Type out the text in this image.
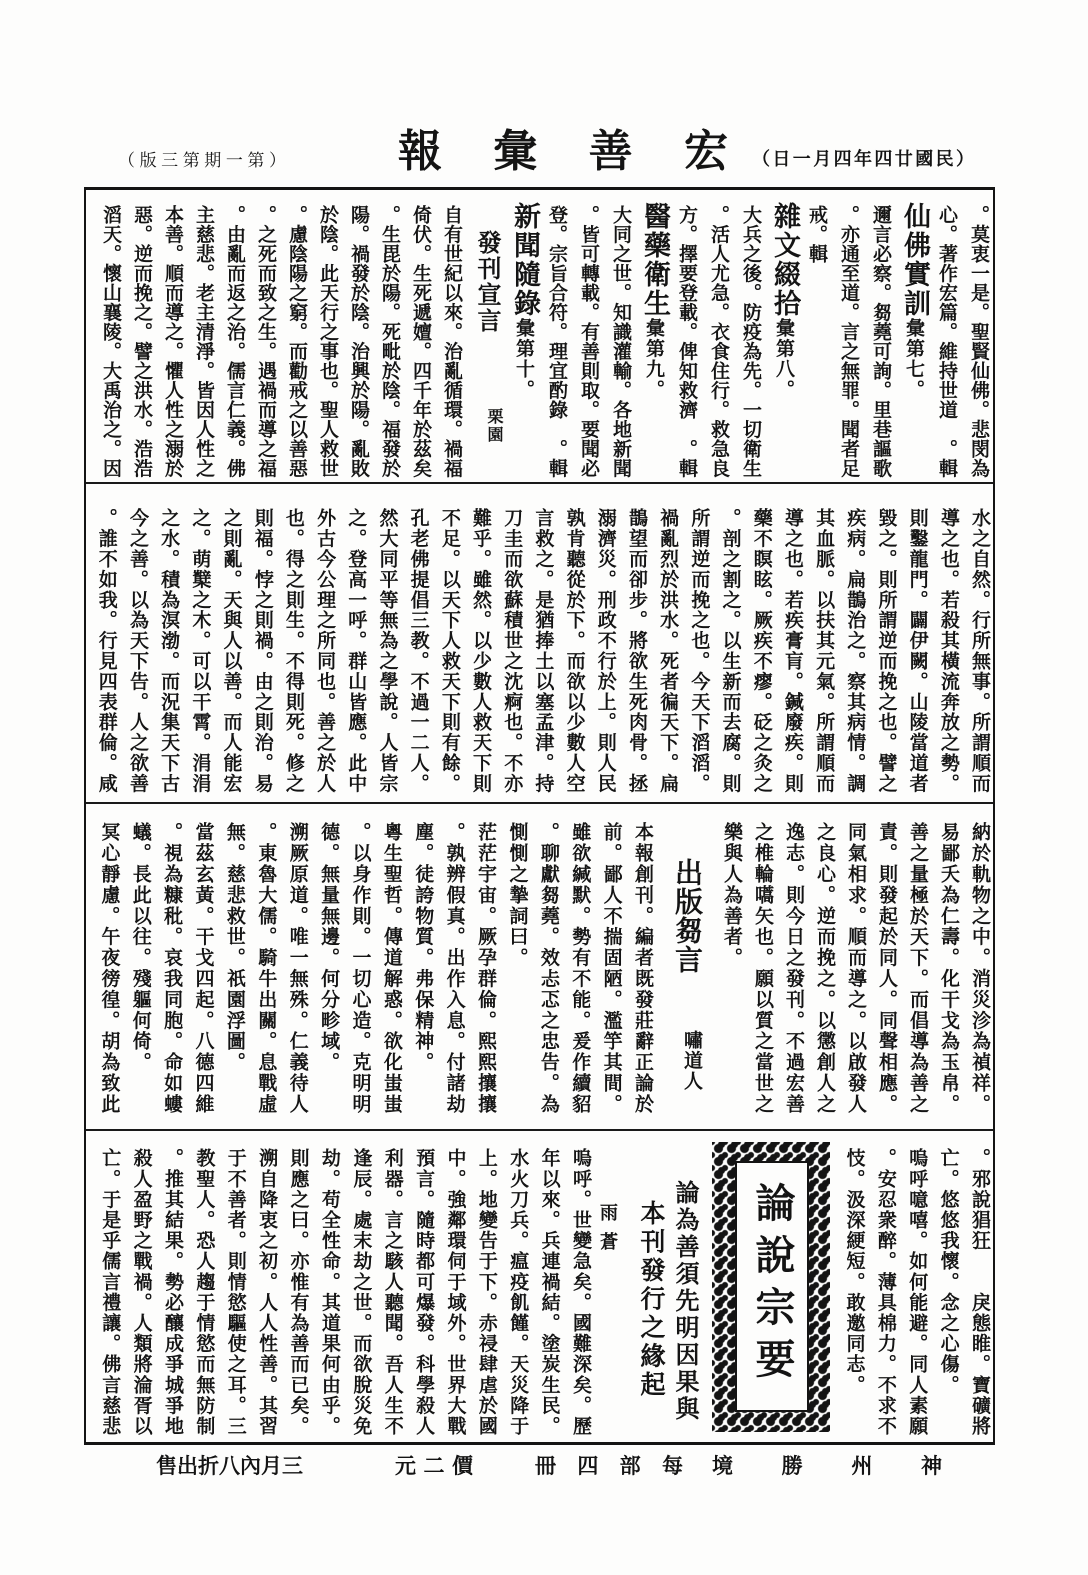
（第一期第三版）	宏善彙報 （民國廿四年四月一日）
。莫衷一是。聖賢仙佛。悲閔為
心。著作宏篇。維持世道　。輯
仙佛實訓彙第七。
邇言必察。芻蕘可詢。里巷謳歌
。亦通至道。言之無罪。聞者足
戒。輯
雜文綴拾彙第八。
大兵之後。防疫為先。一切衛生
。活人尤急。衣食住行。救急良
方。擇要登載。俾知救濟　。輯
醫藥衛生彙第九。
大同之世。知識灌輸。各地新聞
。皆可轉載。有善則取。要聞必
登。宗旨合符。理宜酌錄　。輯
新聞隨錄彙第十。
發刊宣言
栗園
自有世紀以來。治亂循環。禍福
倚伏。生死遞嬗。四千年於茲矣
。生毘於陽。死毗於陰。福發於
陽。禍發於陰。治興於陽。亂敗
於陰。此天行之事也。聖人救世
。慮陰陽之窮。而勸戒之以善惡
。之死而致之生。遇禍而導之福
。由亂而返之治。儒言仁義。佛
主慈悲。老主清淨。皆因人性之
本善。順而導之。懼人性之溺於
惡。逆而挽之。譬之洪水。浩浩
滔天。懷山襄陵。大禹治之。因
水之自然。行所無事。所謂順而
導之也。若殺其橫流奔放之勢。
則鑿龍門。闢伊闕。山陵當道者
毀之。則所謂逆而挽之也。譬之
疾病。扁鵲治之。察其病情。調
其血脈。以扶其元氣。所謂順而
導之也。若疾膏肓。鍼廢疾。則
藥不瞑眩。厥疾不瘳。砭之灸之
。剖之割之。以生新而去腐。則
所謂逆而挽之也。今天下滔滔。
禍亂烈於洪水。死者徧天下。扁
鵲望而卻步。將欲生死肉骨。拯
溺濟災。刑政不行於上。則人民
孰肯聽從於下。而欲以少數人空
言救之。是猶捧土以塞孟津。持
刀圭而欲蘇積世之沈痾也。不亦
難乎。雖然。以少數人救天下則
不足。以天下人救天下則有餘。
孔老佛提倡三教。不過一二人。
然大同平等無為之學說。人皆宗
之。登高一呼。群山皆應。此中
外古今公理之所同也。善之於人
也。得之則生。不得則死。修之
則福。悖之則禍。由之則治。易
之則亂。天與人以善。而人能宏
之。萌櫱之木。可以干霄。涓涓
之水。積為溟渤。而況集天下古
今之善。以為天下告。人之欲善
。誰不如我。行見四表群倫。咸
納於軌物之中。消災沴為禎祥。
易鄙夭為仁壽。化干戈為玉帛。
善之量極於天下。而倡導為善之
責。則發起於同人。同聲相應。
同氣相求。順而導之。以啟發人
之良心。逆而挽之。以懲創人之
逸志。則今日之發刊。不過宏善
之椎輪嚆矢也。願以質之當世之
樂與人為善者。
出版芻言
嘯道人
本報創刊。編者既發莊辭正論於
前。鄙人不揣固陋。濫竽其間。
雖欲緘默。勢有不能。爰作續貂
。聊獻芻蕘。效忐忑之忠告。為
惻惻之摯詞曰。
茫茫宇宙。厥孕群倫。熙熙攘攘
。孰辨假真。出作入息。付諸劫
塵。徒誇物質。弗保精神。
粵生聖哲。傳道解惑。欲化蚩蚩
。以身作則。一切心造。克明明
德。無量無邊。何分畛域。
溯厥原道。唯一無殊。仁義待人
。東魯大儒。騎牛出關。息戰虛
無。慈悲救世。祇園浮圖。
當茲玄黃。干戈四起。八德四維
。視為糠秕。哀我同胞。命如螻
蟻。長此以往。殘軀何倚。
冥心靜慮。午夜徬徨。胡為致此
。邪說猖狂　　戾態睢。寶礦將
亡。悠悠我懷。念之心傷。
嗚呼噫嘻。如何能避。同人素願
。安忍衆醉。薄具棉力。不求不
忮。汲深綆短。敢邀同志。
論說宗要
論為善須先明因果與
本刊發行之緣起
雨蒼
嗚呼。世變急矣。國難深矣。歷
年以來。兵連禍結。塗炭生民。
水火刀兵。瘟疫飢饉。天災降于
上。地變告于下。赤祲肆虐於國
中。強鄰環伺于域外。世界大戰
預言。隨時都可爆發。科學殺人
利器。言之駭人聽聞。吾人生不
逢辰。處末劫之世。而欲脫災免
劫。苟全性命。其道果何由乎。
則應之曰。亦惟有為善而已矣。
溯自降衷之初。人人性善。其習
于不善者。則情慾驅使之耳。三
教聖人。恐人趨于情慾而無防制
。推其結果。勢必釀成爭城爭地
殺人盈野之戰禍。人類將淪胥以
亡。于是乎儒言禮讓。佛言慈悲
神州勝境
每部四冊
價二元
三月內八折出售
